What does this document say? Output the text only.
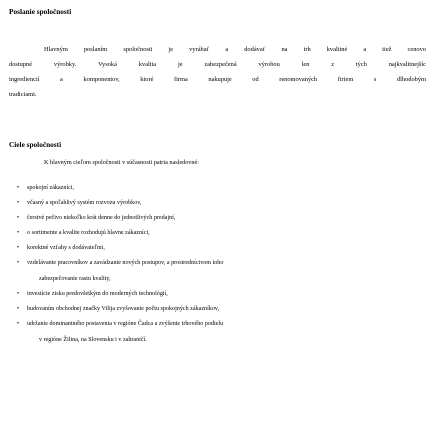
Poslanie spoločnosti
Hlavným poslaním spoločnosti je vyrábať a dodávať na trh kvalitné a tiež cenovo
dostupné výrobky. Vysoká kvalita je zabezpečená výrobou len z tých najkvalitnejšíc
ingrediencií a komponentov, ktoré firma nakupuje od renomovaných firiem s dlhodobým
tradiciami.
Ciele spoločnosti
K hlavným cieľom spoločnosti v súčasnosti patria nasledovné:
• spokojní zákazníci,
• včasný a spoľahlivý systém rozvozu výrobkov,
• čerstvé pečivo niekoľko krát denne do jednotlivých predajní,
• o sortimente a kvalite rozhodujú hlavne zákazníci,
• korektné vzťahy s dodávateľmi,
• vzdelávanie pracovníkov a zavádzanie nových postupov, a prostredníctvom toho
zabezpečovanie rastu kvality,
• investície zisku predovšetkým do moderných technológií,
• budovaním obchodnej značky Vilija zvyšovanie počtu spokojných zákazníkov,
• udržanie dominantného postavenia v regióne Čadca a zvýšenie trhového podielu
v regióne Žilina, na Slovensku i v zahraničí.
